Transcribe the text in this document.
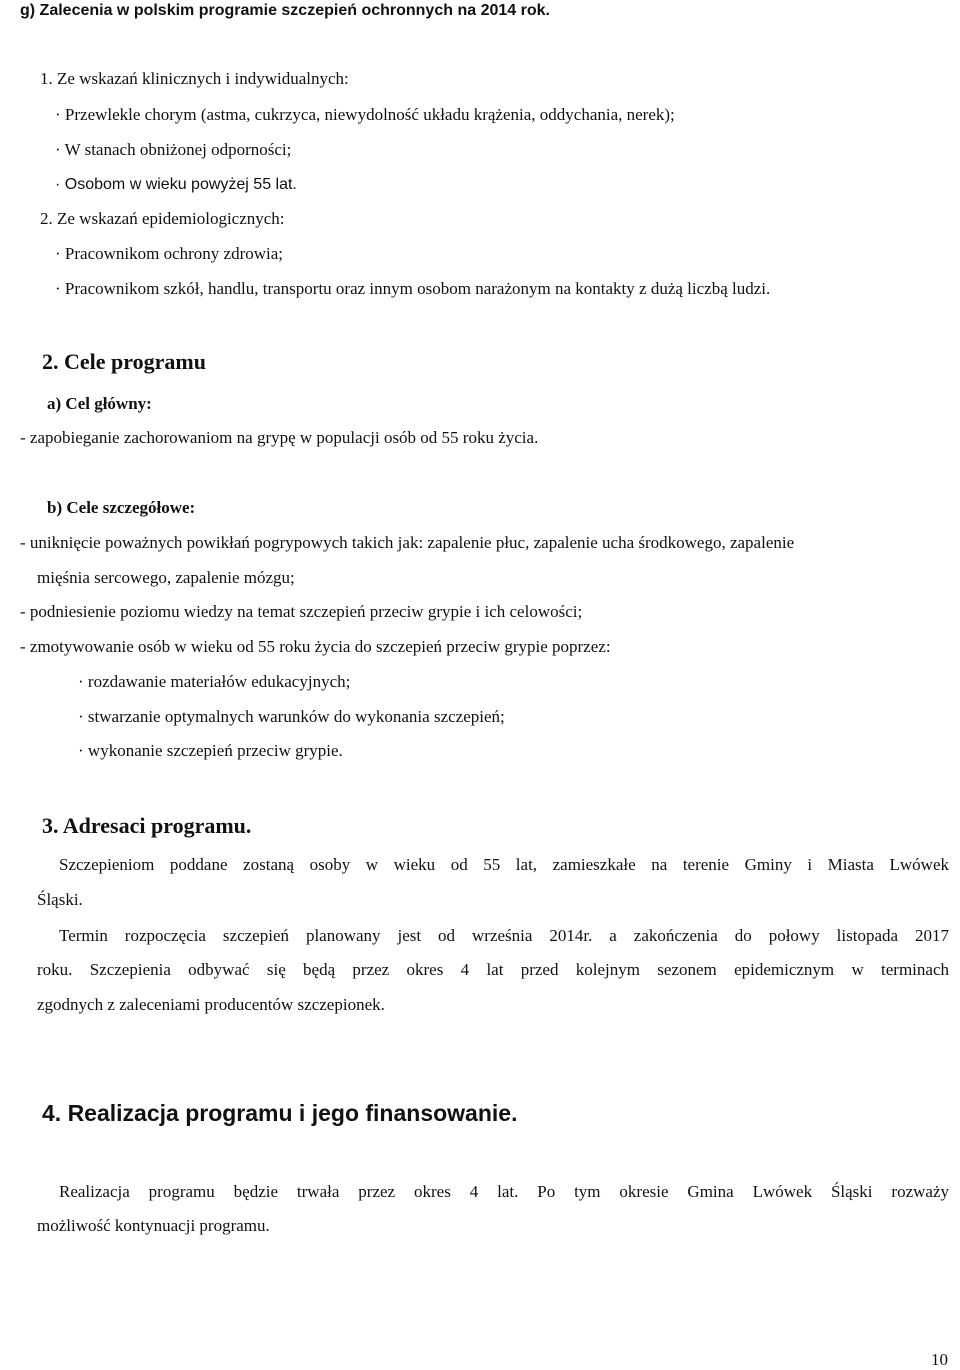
g) Zalecenia w polskim programie szczepień ochronnych na 2014 rok.
1. Ze wskazań klinicznych i indywidualnych:
· Przewlekle chorym (astma, cukrzyca, niewydolność układu krążenia, oddychania, nerek);
· W stanach obniżonej odporności;
· Osobom w wieku powyżej 55 lat.
2. Ze wskazań epidemiologicznych:
· Pracownikom ochrony zdrowia;
· Pracownikom szkół, handlu, transportu oraz innym osobom narażonym na kontakty z dużą liczbą ludzi.
2. Cele programu
a) Cel główny:
- zapobieganie zachorowaniom na grypę w populacji osób od 55 roku życia.
b) Cele szczegółowe:
- uniknięcie poważnych powikłań pogrypowych takich jak: zapalenie płuc, zapalenie ucha środkowego, zapalenie
mięśnia sercowego, zapalenie mózgu;
- podniesienie poziomu wiedzy na temat szczepień przeciw grypie i ich celowości;
- zmotywowanie osób w wieku od 55 roku życia do szczepień przeciw grypie poprzez:
· rozdawanie materiałów edukacyjnych;
· stwarzanie optymalnych warunków do wykonania szczepień;
· wykonanie szczepień przeciw grypie.
3. Adresaci programu.
Szczepieniom poddane zostaną osoby w wieku od 55 lat, zamieszkałe na terenie Gminy i Miasta Lwówek
Śląski.
Termin rozpoczęcia szczepień planowany jest od września 2014r. a zakończenia do połowy listopada 2017
roku. Szczepienia odbywać się będą przez okres 4 lat przed kolejnym sezonem epidemicznym w terminach
zgodnych z zaleceniami producentów szczepionek.
4. Realizacja programu i jego finansowanie.
Realizacja programu będzie trwała przez okres 4 lat. Po tym okresie Gmina Lwówek Śląski rozważy
możliwość kontynuacji programu.
10
